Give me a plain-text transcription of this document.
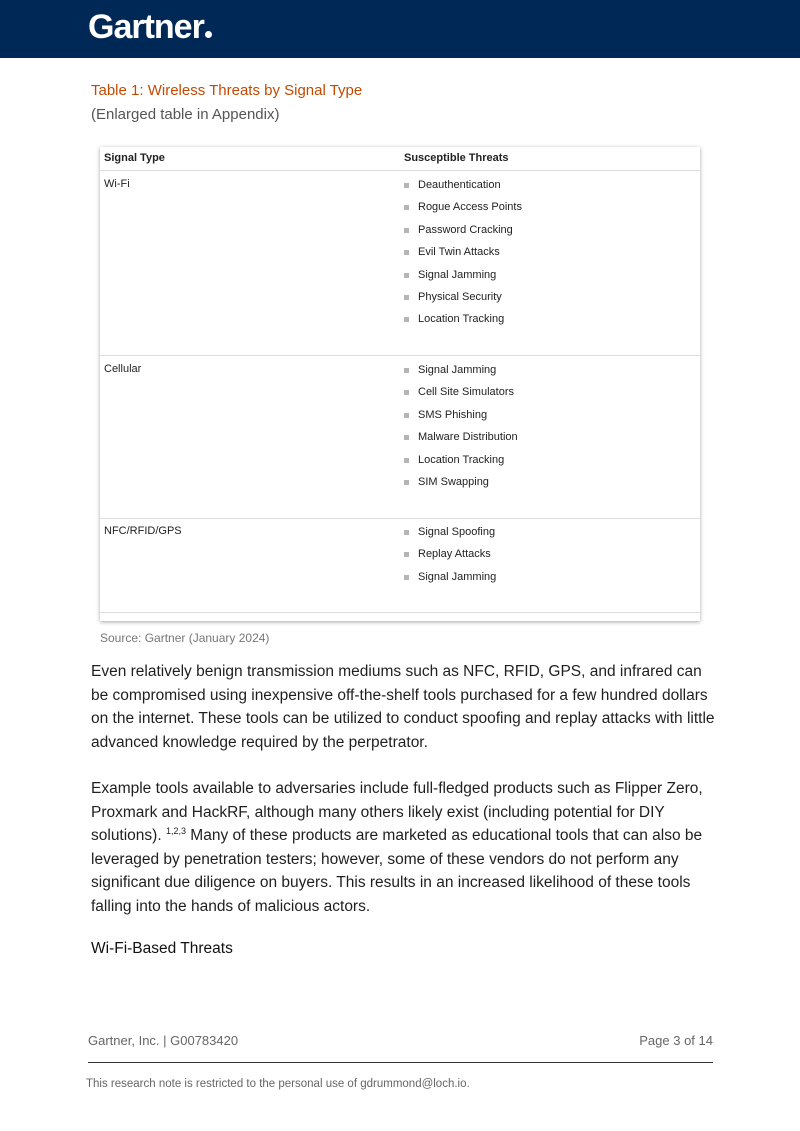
Gartner
Table 1: Wireless Threats by Signal Type
(Enlarged table in Appendix)
Signal Type	Susceptible Threats
Wi-Fi	Deauthentication
Rogue Access Points
Password Cracking
Evil Twin Attacks
Signal Jamming
Physical Security
Location Tracking
Cellular	Signal Jamming
Cell Site Simulators
SMS Phishing
Malware Distribution
Location Tracking
SIM Swapping
NFC/RFID/GPS	Signal Spoofing
Replay Attacks
Signal Jamming
Source: Gartner (January 2024)

Even relatively benign transmission mediums such as NFC, RFID, GPS, and infrared can be compromised using inexpensive off-the-shelf tools purchased for a few hundred dollars on the internet. These tools can be utilized to conduct spoofing and replay attacks with little advanced knowledge required by the perpetrator.

Example tools available to adversaries include full-fledged products such as Flipper Zero, Proxmark and HackRF, although many others likely exist (including potential for DIY solutions). $^{1,2,3}$ Many of these products are marketed as educational tools that can also be leveraged by penetration testers; however, some of these vendors do not perform any significant due diligence on buyers. This results in an increased likelihood of these tools falling into the hands of malicious actors.

Wi-Fi-Based Threats
Gartner, Inc. | G00783420	Page 3 of 14
This research note is restricted to the personal use of gdrummond@loch.io.
